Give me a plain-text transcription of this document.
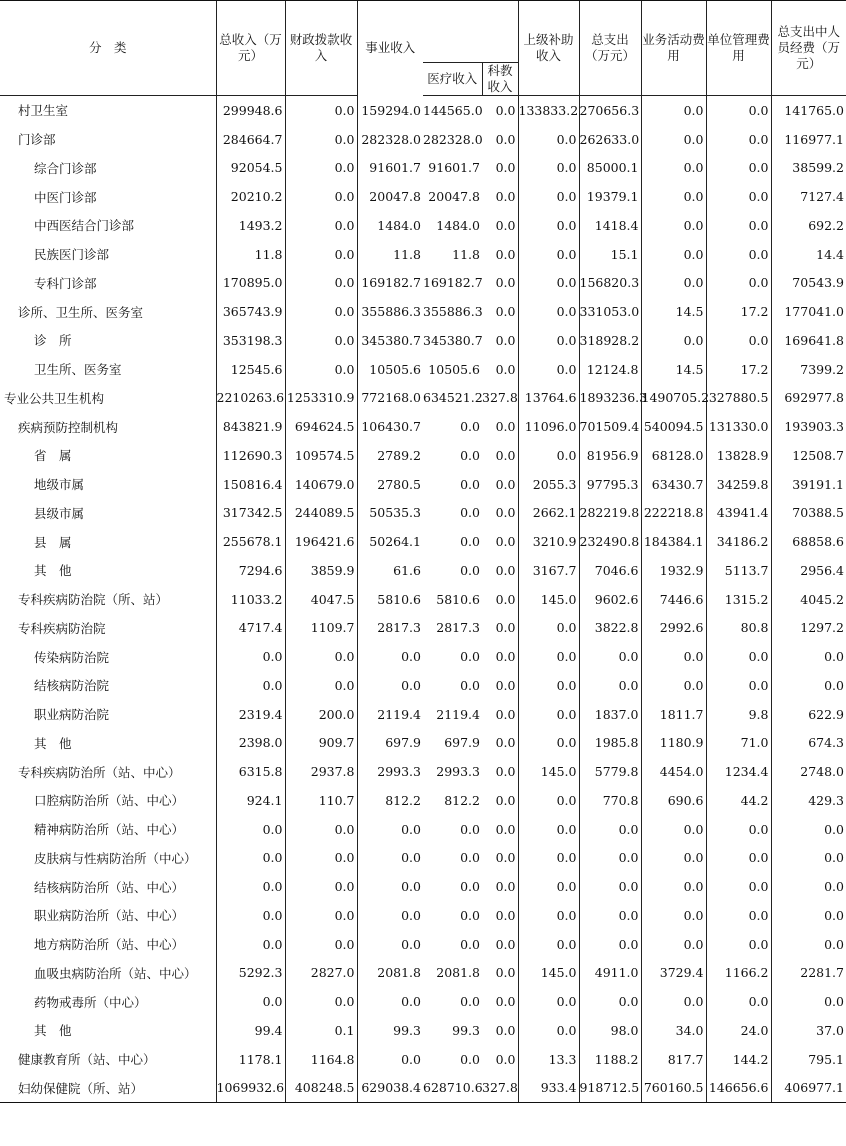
分　类	总收入（万元）	财政拨款收入	事业收入			上级补助收入	总支出（万元）	业务活动费用	单位管理费用	总支出中人员经费（万元）
				医疗收入	科教收入					
村卫生室	299948.6	0.0	159294.0	144565.0	0.0	133833.2	270656.3	0.0	0.0	141765.0
门诊部	284664.7	0.0	282328.0	282328.0	0.0	0.0	262633.0	0.0	0.0	116977.1
综合门诊部	92054.5	0.0	91601.7	91601.7	0.0	0.0	85000.1	0.0	0.0	38599.2
中医门诊部	20210.2	0.0	20047.8	20047.8	0.0	0.0	19379.1	0.0	0.0	7127.4
中西医结合门诊部	1493.2	0.0	1484.0	1484.0	0.0	0.0	1418.4	0.0	0.0	692.2
民族医门诊部	11.8	0.0	11.8	11.8	0.0	0.0	15.1	0.0	0.0	14.4
专科门诊部	170895.0	0.0	169182.7	169182.7	0.0	0.0	156820.3	0.0	0.0	70543.9
诊所、卫生所、医务室	365743.9	0.0	355886.3	355886.3	0.0	0.0	331053.0	14.5	17.2	177041.0
诊　所	353198.3	0.0	345380.7	345380.7	0.0	0.0	318928.2	0.0	0.0	169641.8
卫生所、医务室	12545.6	0.0	10505.6	10505.6	0.0	0.0	12124.8	14.5	17.2	7399.2
专业公共卫生机构	2210263.6	1253310.9	772168.0	634521.2	327.8	13764.6	1893236.3	1490705.2	327880.5	692977.8
疾病预防控制机构	843821.9	694624.5	106430.7	0.0	0.0	11096.0	701509.4	540094.5	131330.0	193903.3
省　属	112690.3	109574.5	2789.2	0.0	0.0	0.0	81956.9	68128.0	13828.9	12508.7
地级市属	150816.4	140679.0	2780.5	0.0	0.0	2055.3	97795.3	63430.7	34259.8	39191.1
县级市属	317342.5	244089.5	50535.3	0.0	0.0	2662.1	282219.8	222218.8	43941.4	70388.5
县　属	255678.1	196421.6	50264.1	0.0	0.0	3210.9	232490.8	184384.1	34186.2	68858.6
其　他	7294.6	3859.9	61.6	0.0	0.0	3167.7	7046.6	1932.9	5113.7	2956.4
专科疾病防治院（所、站）	11033.2	4047.5	5810.6	5810.6	0.0	145.0	9602.6	7446.6	1315.2	4045.2
专科疾病防治院	4717.4	1109.7	2817.3	2817.3	0.0	0.0	3822.8	2992.6	80.8	1297.2
传染病防治院	0.0	0.0	0.0	0.0	0.0	0.0	0.0	0.0	0.0	0.0
结核病防治院	0.0	0.0	0.0	0.0	0.0	0.0	0.0	0.0	0.0	0.0
职业病防治院	2319.4	200.0	2119.4	2119.4	0.0	0.0	1837.0	1811.7	9.8	622.9
其　他	2398.0	909.7	697.9	697.9	0.0	0.0	1985.8	1180.9	71.0	674.3
专科疾病防治所（站、中心）	6315.8	2937.8	2993.3	2993.3	0.0	145.0	5779.8	4454.0	1234.4	2748.0
口腔病防治所（站、中心）	924.1	110.7	812.2	812.2	0.0	0.0	770.8	690.6	44.2	429.3
精神病防治所（站、中心）	0.0	0.0	0.0	0.0	0.0	0.0	0.0	0.0	0.0	0.0
皮肤病与性病防治所（中心）	0.0	0.0	0.0	0.0	0.0	0.0	0.0	0.0	0.0	0.0
结核病防治所（站、中心）	0.0	0.0	0.0	0.0	0.0	0.0	0.0	0.0	0.0	0.0
职业病防治所（站、中心）	0.0	0.0	0.0	0.0	0.0	0.0	0.0	0.0	0.0	0.0
地方病防治所（站、中心）	0.0	0.0	0.0	0.0	0.0	0.0	0.0	0.0	0.0	0.0
血吸虫病防治所（站、中心）	5292.3	2827.0	2081.8	2081.8	0.0	145.0	4911.0	3729.4	1166.2	2281.7
药物戒毒所（中心）	0.0	0.0	0.0	0.0	0.0	0.0	0.0	0.0	0.0	0.0
其　他	99.4	0.1	99.3	99.3	0.0	0.0	98.0	34.0	24.0	37.0
健康教育所（站、中心）	1178.1	1164.8	0.0	0.0	0.0	13.3	1188.2	817.7	144.2	795.1
妇幼保健院（所、站）	1069932.6	408248.5	629038.4	628710.6	327.8	933.4	918712.5	760160.5	146656.6	406977.1
